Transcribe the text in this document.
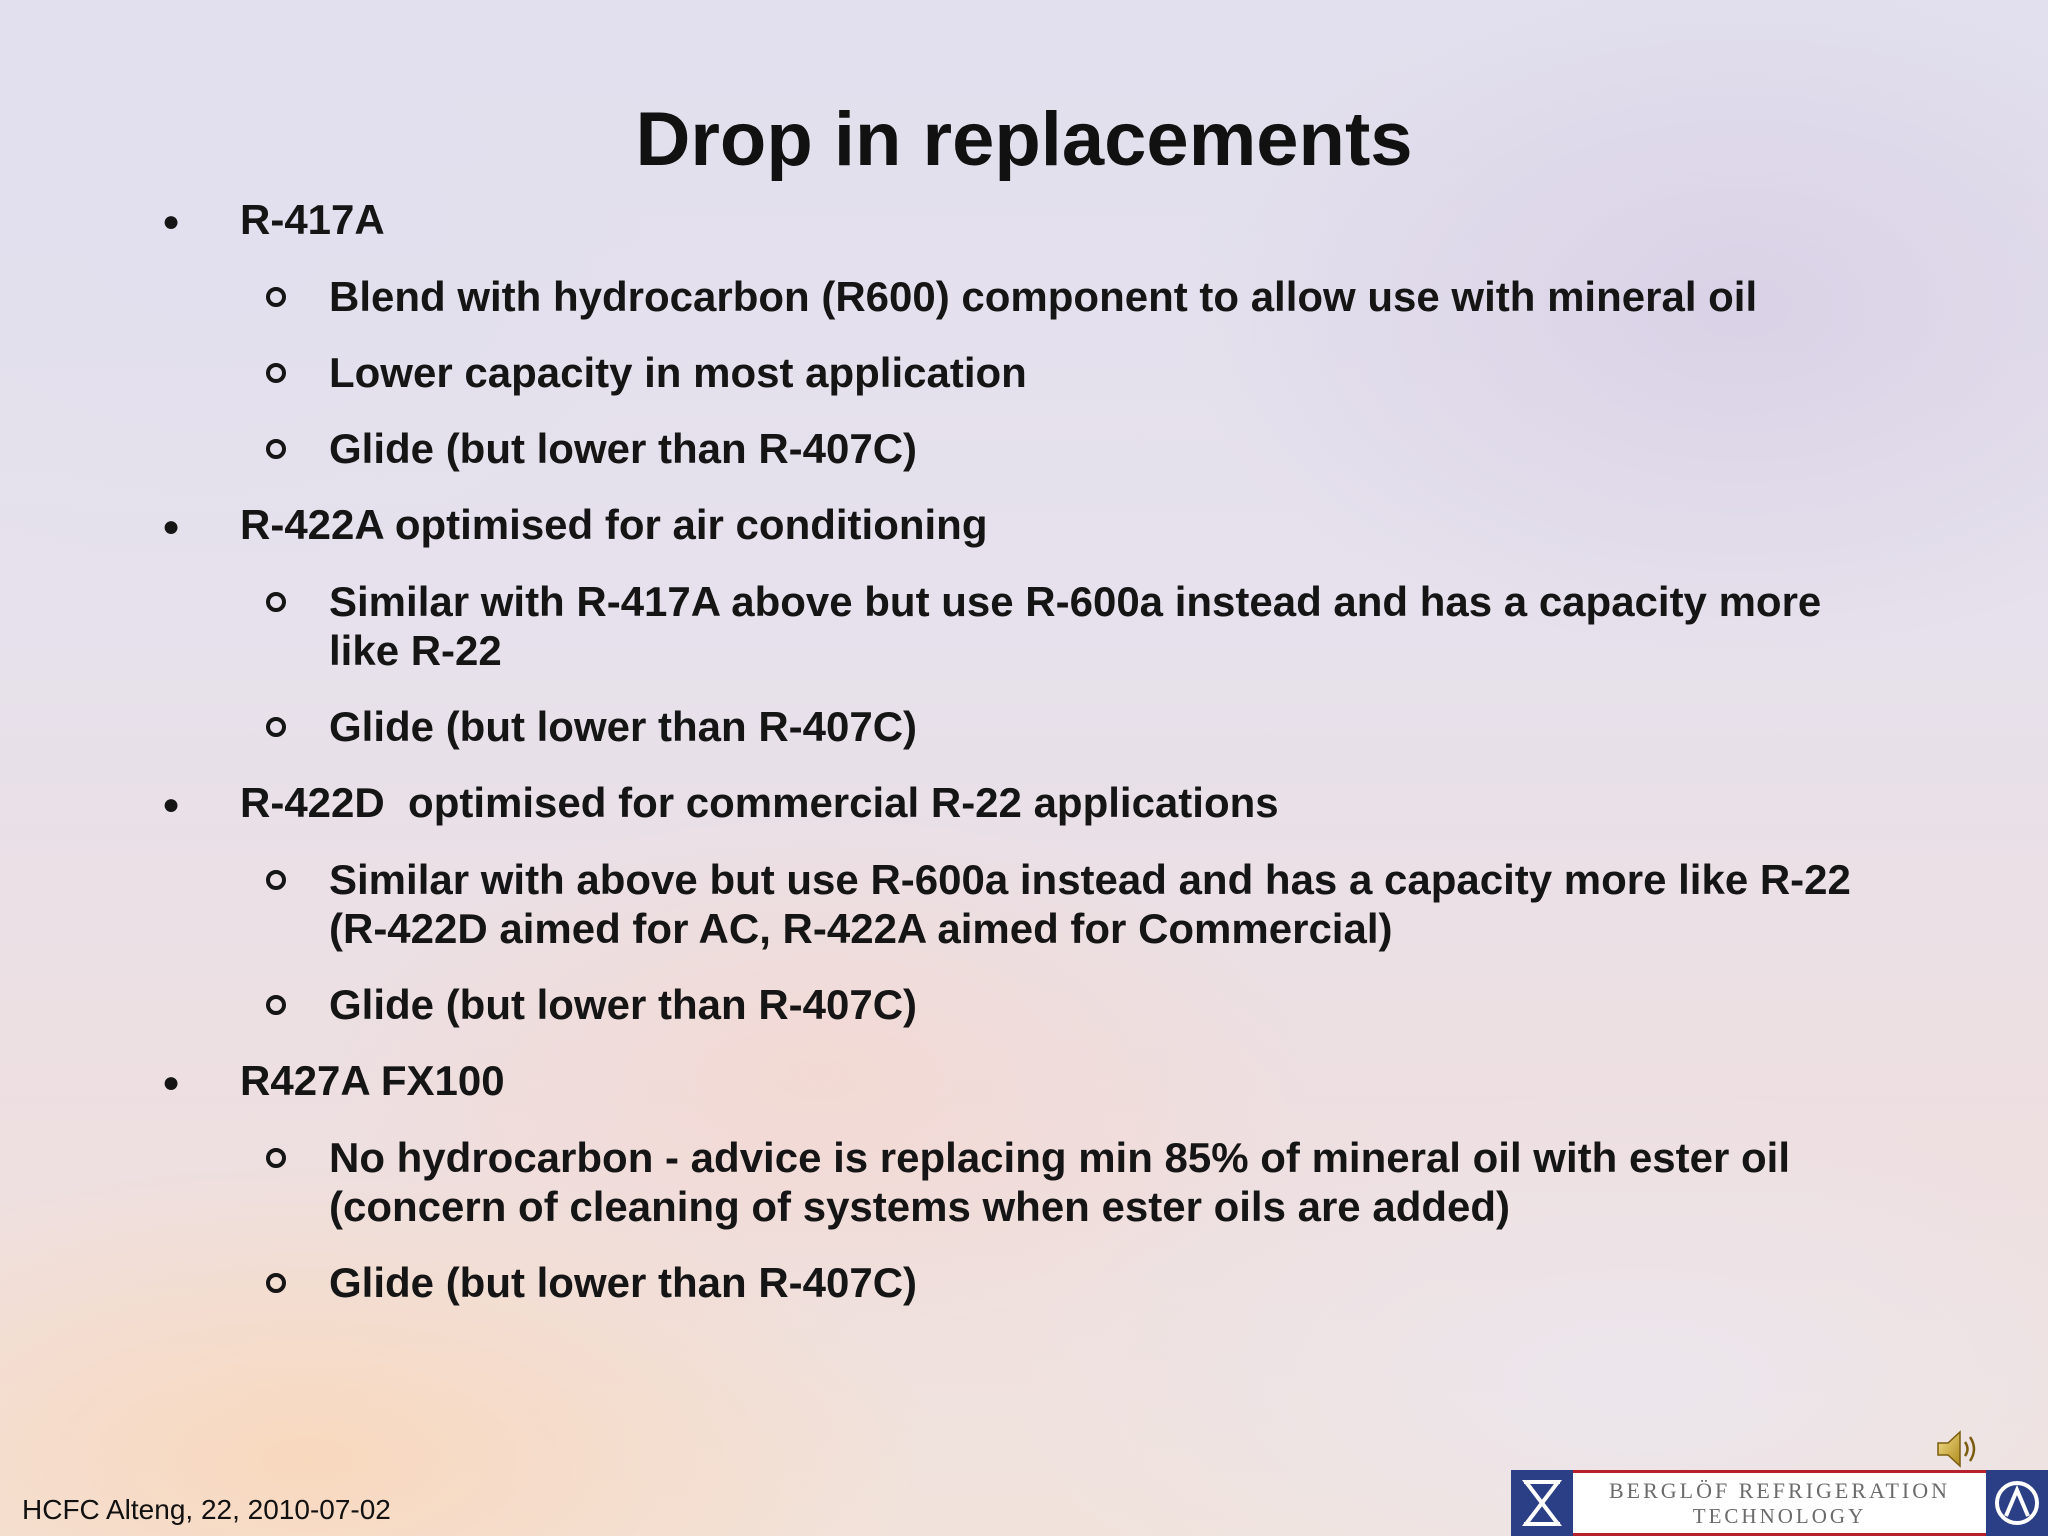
Drop in replacements
● R-417A
Blend with hydrocarbon (R600) component to allow use with mineral oil
Lower capacity in most application
Glide (but lower than R-407C)
● R-422A optimised for air conditioning
Similar with R-417A above but use R-600a instead and has a capacity more like R-22
Glide (but lower than R-407C)
● R-422D  optimised for commercial R-22 applications
Similar with above but use R-600a instead and has a capacity more like R-22 (R-422D aimed for AC, R-422A aimed for Commercial)
Glide (but lower than R-407C)
● R427A FX100
No hydrocarbon - advice is replacing min 85% of mineral oil with ester oil (concern of cleaning of systems when ester oils are added)
Glide (but lower than R-407C)
HCFC Alteng, 22, 2010-07-02
BERGLÖF REFRIGERATION
TECHNOLOGY
